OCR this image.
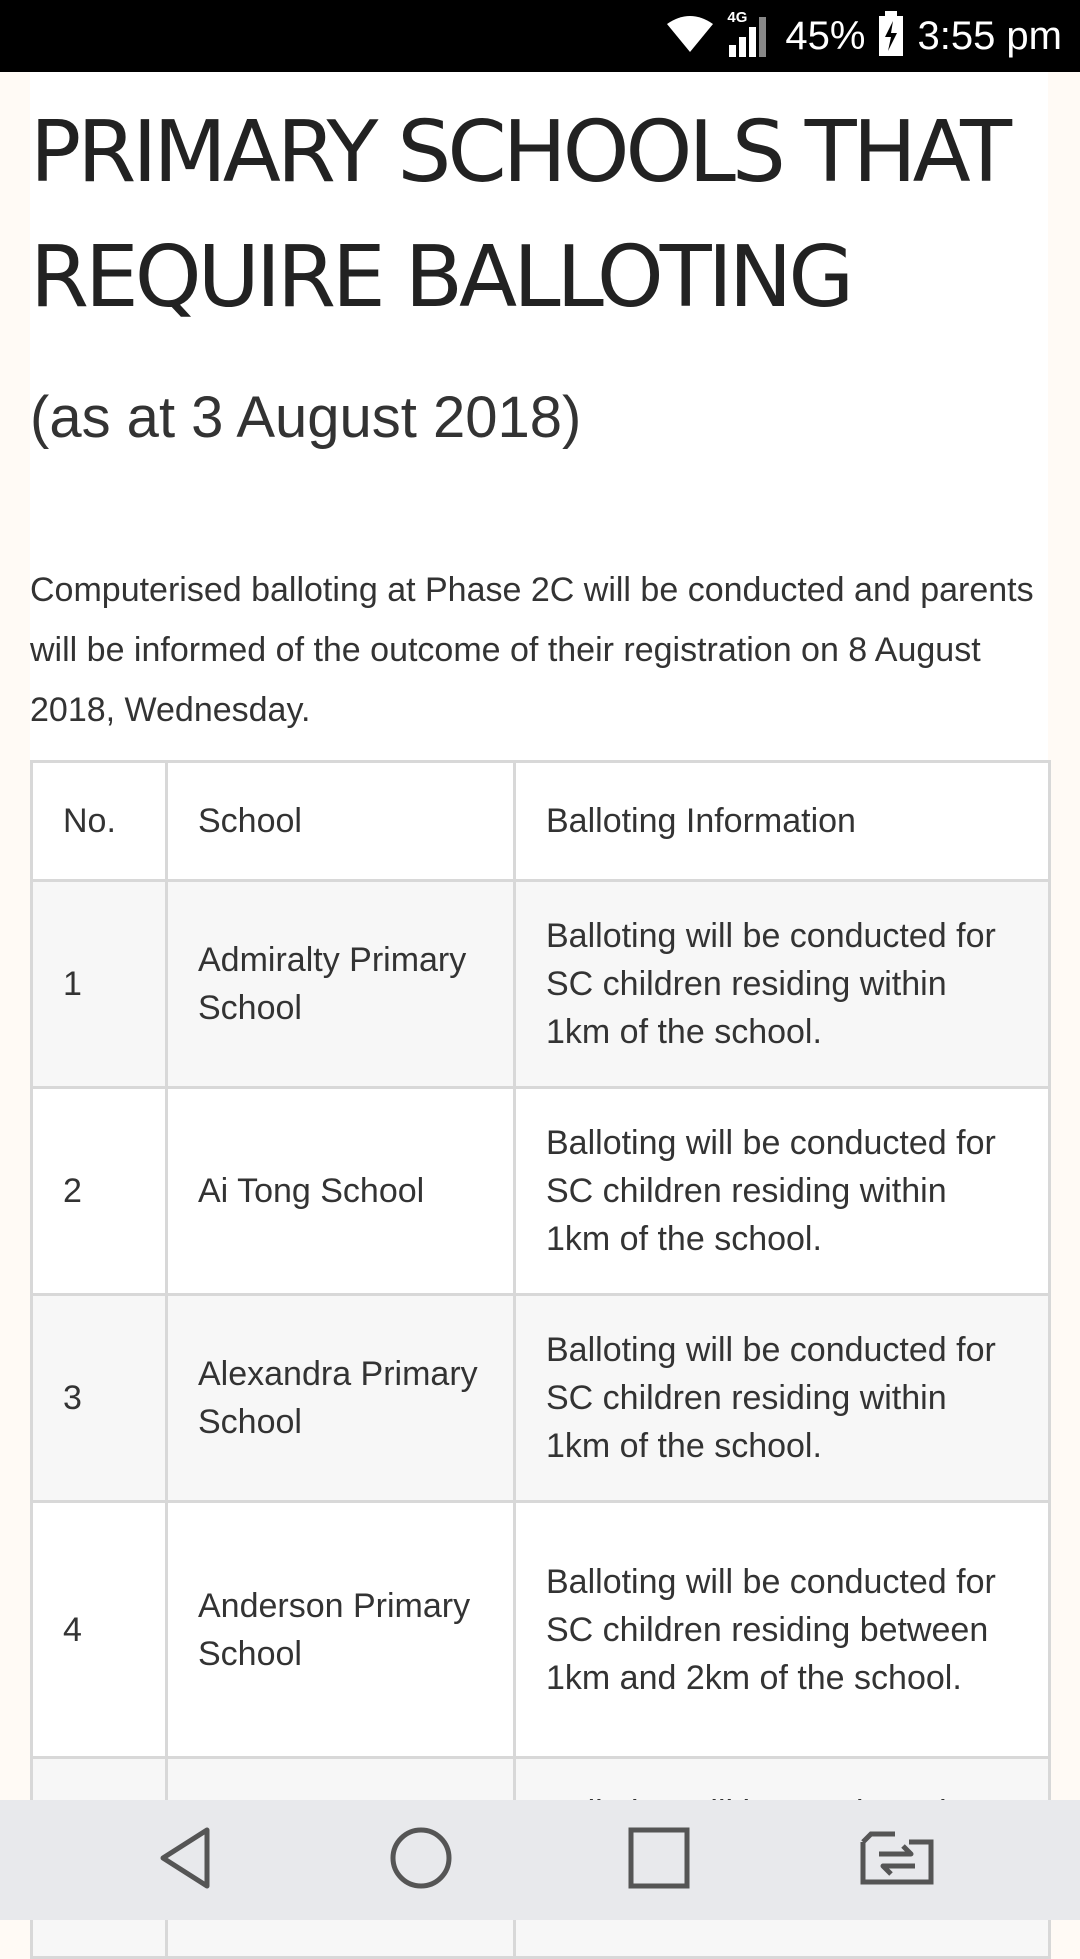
4G 45% 3:55 pm
PRIMARY SCHOOLS THAT REQUIRE BALLOTING
(as at 3 August 2018)

Computerised balloting at Phase 2C will be conducted and parents will be informed of the outcome of their registration on 8 August 2018, Wednesday.

No.	School	Balloting Information
1	Admiralty Primary School	Balloting will be conducted for SC children residing within 1km of the school.
2	Ai Tong School	Balloting will be conducted for SC children residing within 1km of the school.
3	Alexandra Primary School	Balloting will be conducted for SC children residing within 1km of the school.
4	Anderson Primary School	Balloting will be conducted for SC children residing between 1km and 2km of the school.
